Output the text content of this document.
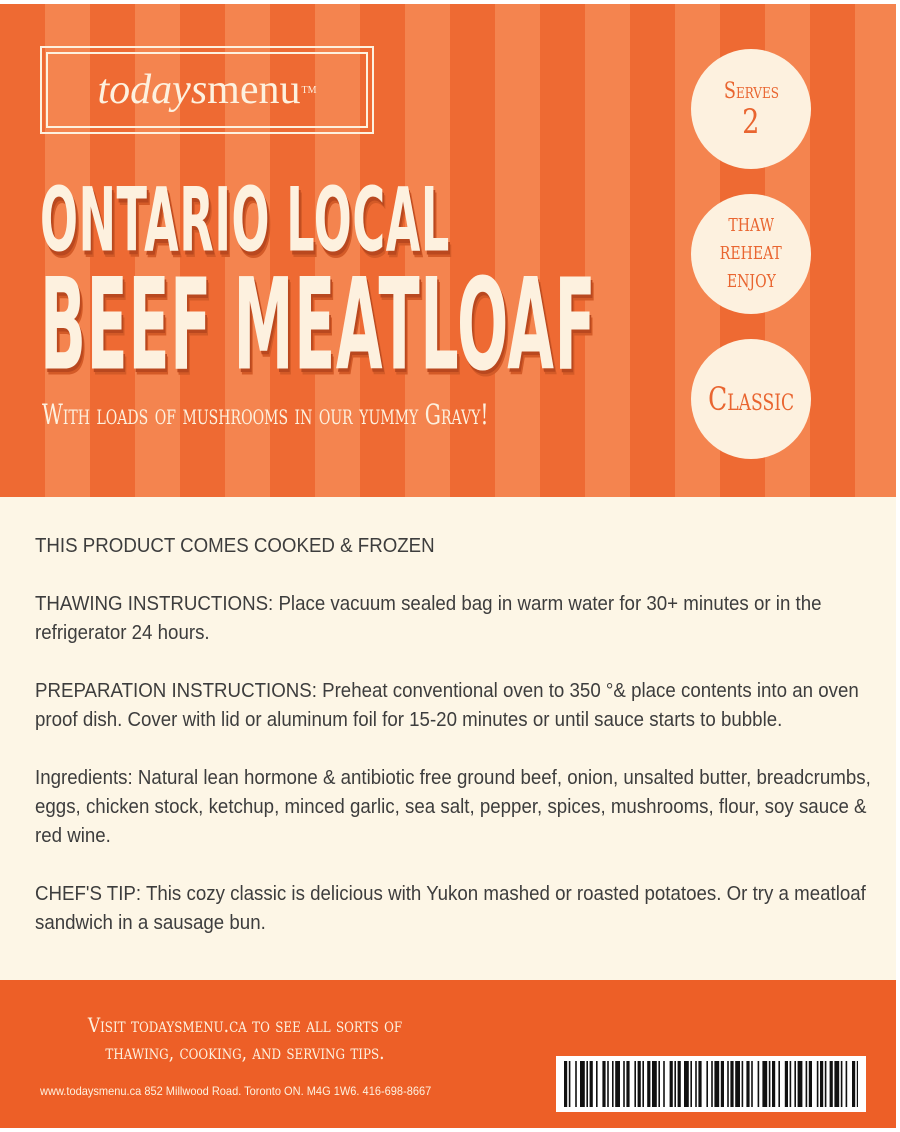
todays menu TM
ONTARIO LOCAL
BEEF MEATLOAF

With loads of mushrooms in our yummy Gravy!

Serves
2
THAW
REHEAT
ENJOY
Classic

THIS PRODUCT COMES COOKED & FROZEN

THAWING INSTRUCTIONS: Place vacuum sealed bag in warm water for 30+ minutes or in the refrigerator 24 hours.

PREPARATION INSTRUCTIONS: Preheat conventional oven to 350 °& place contents into an oven proof dish. Cover with lid or aluminum foil for 15-20 minutes or until sauce starts to bubble.

Ingredients: Natural lean hormone & antibiotic free ground beef, onion, unsalted butter, breadcrumbs, eggs, chicken stock, ketchup, minced garlic, sea salt, pepper, spices, mushrooms, flour, soy sauce & red wine.

CHEF'S TIP: This cozy classic is delicious with Yukon mashed or roasted potatoes. Or try a meatloaf sandwich in a sausage bun.

Visit todaysmenu.ca to see all sorts of
thawing, cooking, and serving tips.

www.todaysmenu.ca 852 Millwood Road. Toronto ON. M4G 1W6. 416-698-8667
